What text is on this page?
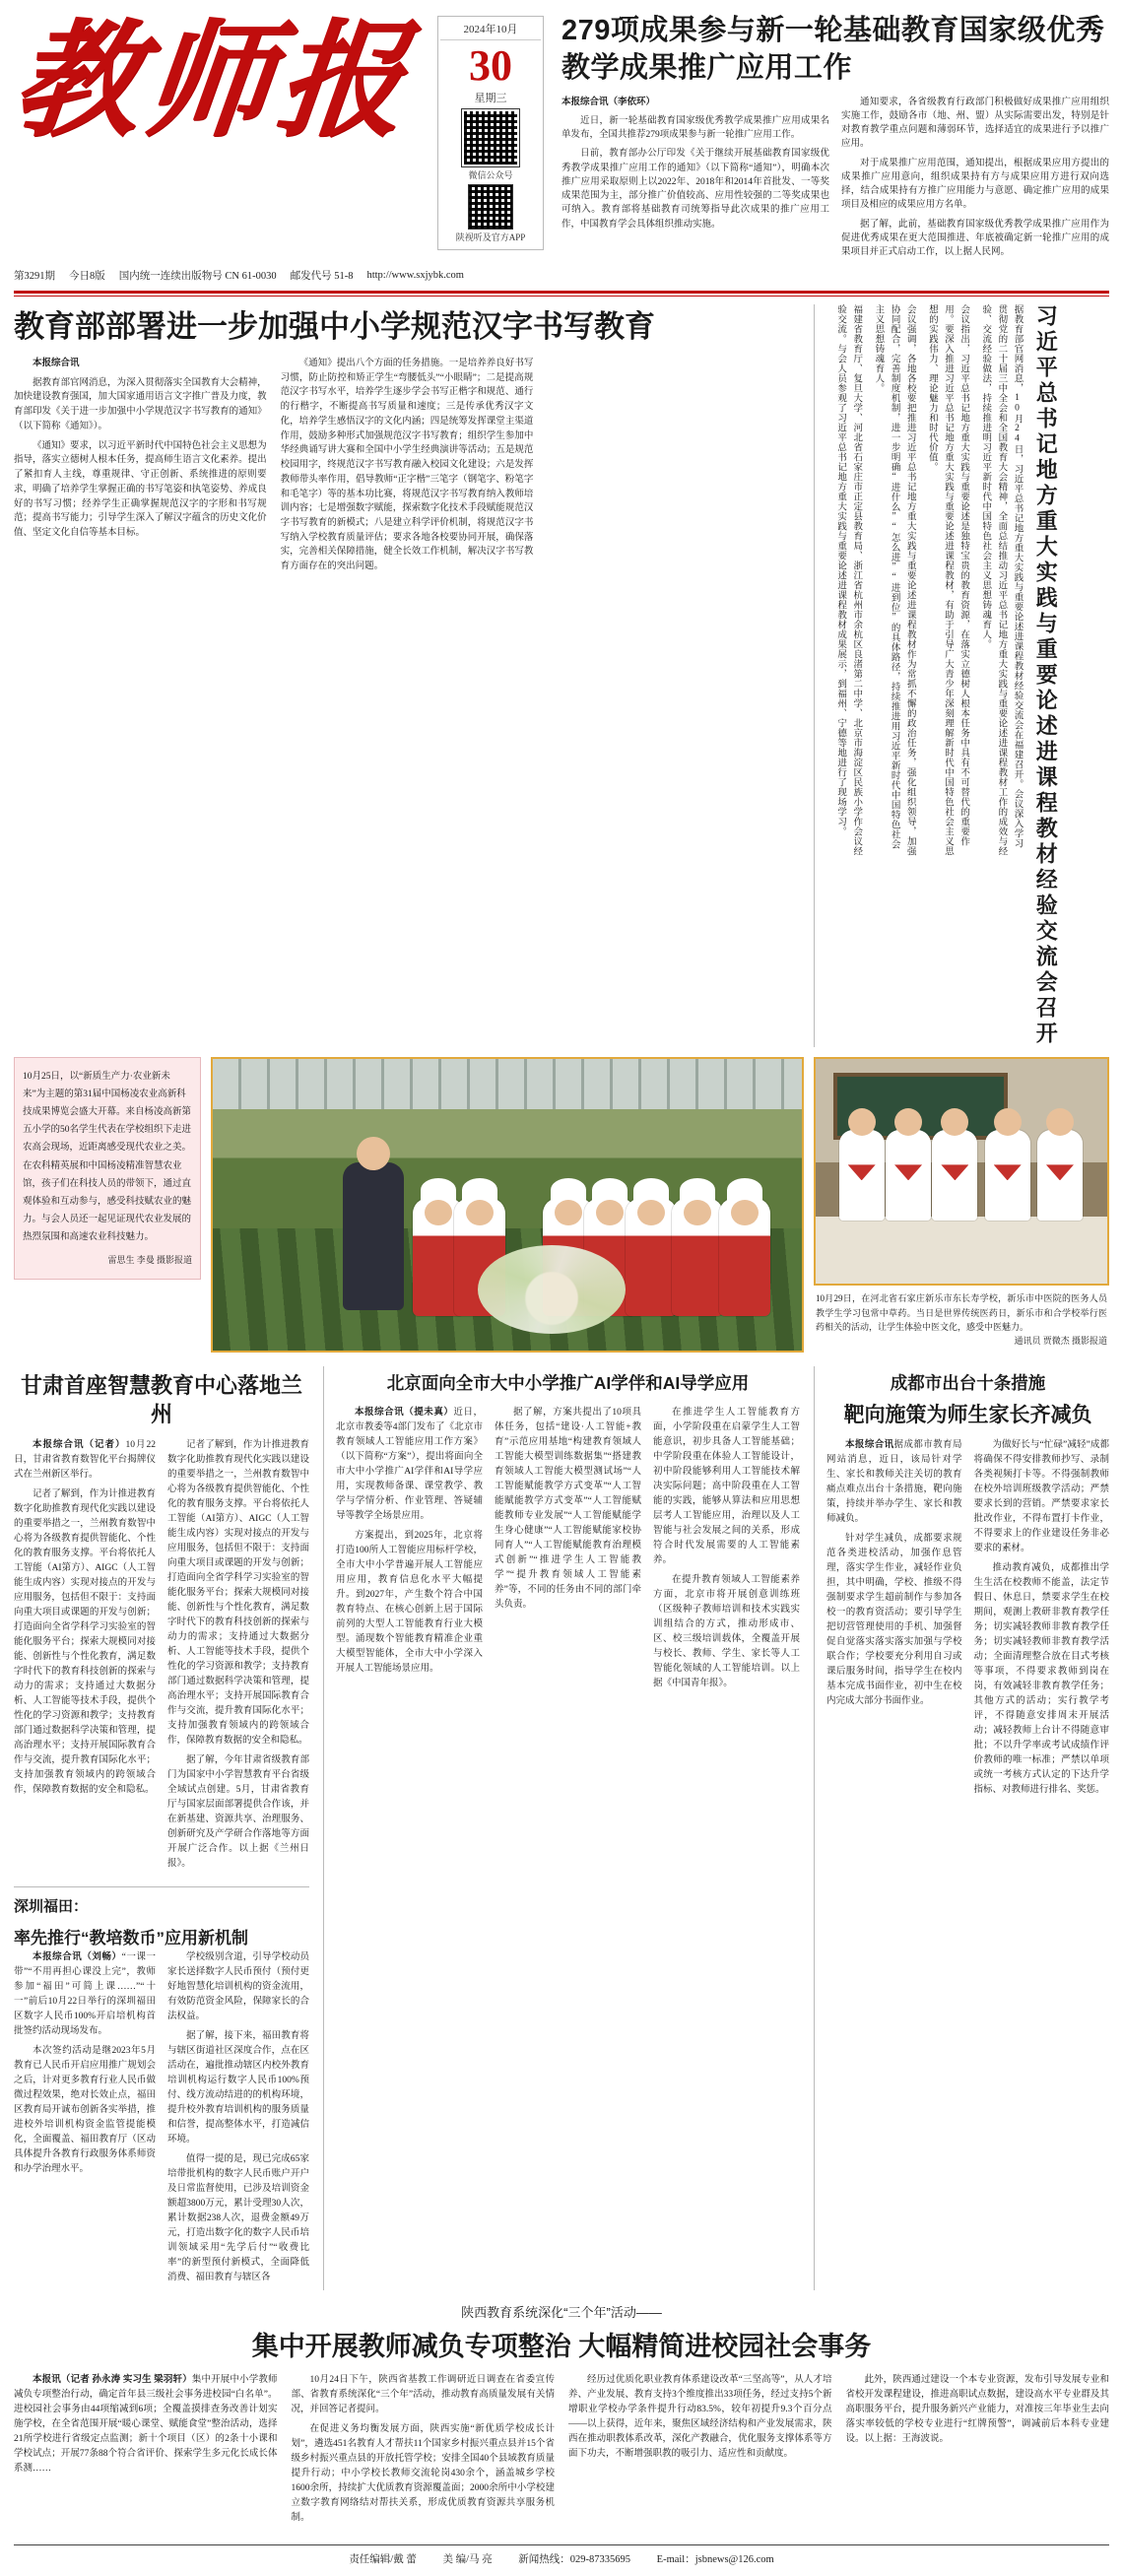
教师报	2024年10月
30
星期三
微信公众号
陕视听及官方APP
279项成果参与新一轮基础教育国家级优秀教学成果推广应用工作

本报综合讯（李依环）

近日，新一轮基础教育国家级优秀教学成果推广应用成果名单发布，全国共推荐279项成果参与新一轮推广应用工作。

日前，教育部办公厅印发《关于继续开展基础教育国家级优秀教学成果推广应用工作的通知》（以下简称“通知”），明确本次推广应用采取原则上以2022年、2018年和2014年首批发、一等奖成果范围为主，部分推广价值较高、应用性较强的二等奖成果也可纳入。教育部将基础教育司统筹指导此次成果的推广应用工作，中国教育学会具体组织推动实施。

通知要求，各省级教育行政部门积极做好成果推广应用组织实施工作，鼓励各市（地、州、盟）从实际需要出发，特别是针对教育教学重点问题和薄弱环节，选择适宜的成果进行予以推广应用。

对于成果推广应用范围，通知提出，根据成果应用方提出的成果推广应用意向，组织成果持有方与成果应用方进行双向选择，结合成果持有方推广应用能力与意愿、确定推广应用的成果项目及相应的成果应用方名单。

据了解，此前，基础教育国家级优秀教学成果推广应用作为促进优秀成果在更大范围推进、年底被确定新一轮推广应用的成果项目并正式启动工作，以上据人民网。

第3291期 今日8版 国内统一连续出版物号 CN 61-0030 邮发代号 51-8 http://www.sxjybk.com
教育部部署进一步加强中小学规范汉字书写教育

本报综合讯

据教育部官网消息，为深入贯彻落实全国教育大会精神，加快建设教育强国，加大国家通用语言文字推广普及力度，教育部印发《关于进一步加强中小学规范汉字书写教育的通知》（以下简称《通知》）。

《通知》要求，以习近平新时代中国特色社会主义思想为指导，落实立德树人根本任务，提高师生语言文化素养。提出了紧扣育人主线，尊重规律、守正创新、系统推进的原则要求，明确了培养学生掌握正确的书写笔姿和执笔姿势、养成良好的书写习惯；经养学生正确掌握规范汉字的字形和书写规范；提高书写能力；引导学生深入了解汉字蕴含的历史文化价值、坚定文化自信等基本目标。

《通知》提出八个方面的任务措施。一是培养养良好书写习惯，防止防控和矫正学生“弯腰低头”“小眼睛”；二是提高规范汉字书写水平，培养学生逐步学会书写正楷字和规范、通行的行楷字，不断提高书写质量和速度；三是传承优秀汉字文化，培养学生感悟汉字的文化内涵；四是统筹发挥课堂主渠道作用，鼓励多种形式加强规范汉字书写教育；组织学生参加中华经典诵写讲大赛和全国中小学生经典演讲等活动；五是规范校园用字，终规范汉字书写教育融入校园文化建设；六是发挥教师带头率作用，倡导教师“正字楷”三笔字（钢笔字、粉笔字和毛笔字）等的基本功比赛，将规范汉字书写教育纳入教师培训内容；七是增强数字赋能，探索数字化技术手段赋能规范汉字书写教育的新模式；八是建立科学评价机制，将规范汉字书写纳入学校教育质量评估；要求各地各校要协同开展，确保落实，完善相关保障措施，健全长效工作机制，解决汉字书写教育方面存在的突出问题。	据教育部官网消息，10月24日，习近平总书记地方重大实践与重要论述进课程教材经验交流会在福建召开。会议深入学习贯彻党的二十届三中全会和全国教育大会精神，全面总结推动习近平总书记地方重大实践与重要论述进课程教材工作的成效与经验、交流经验做法，持续推进明习近平新时代中国特色社会主义思想铸魂育人。

会议指出，习近平总书记地方重大实践与重要论述是独特宝贵的教育资源，在落实立德树人根本任务中具有不可替代的重要作用。要深入推进习近平总书记地方重大实践与重要论述进课程教材，有助于引导广大青少年深刻理解新时代中国特色社会主义思想的实践伟力、理论魅力和时代价值。

会议强调，各地各校要把推进习近平总书记地方重大实践与重要论述进课程教材作为常抓不懈的政治任务，强化组织领导，加强协同配合，完善制度机制，进一步明确“进什么”“怎么进”“进到位”的具体路径，持续推进用习近平新时代中国特色社会主义思想铸魂育人。

福建省教育厅、复旦大学、河北省石家庄市正定县教育局、浙江省杭州市余杭区良渚第二中学、北京市海淀区民族小学作会议经验交流。与会人员参观了习近平总书记地方重大实践与重要论述进课程教材成果展示，到福州、宁德等地进行了现场学习。	习近平总书记地方重大实践与重要论述进课程教材经验交流会召开
10月25日，以“新质生产力·农业新未来”为主题的第31届中国杨凌农业高新科技成果博览会盛大开幕。来自杨凌高新第五小学的50名学生代表在学校组织下走进农高会现场，近距离感受现代农业之美。
在农科精英展和中国杨凌精准智慧农业馆，孩子们在科技人员的带领下，通过直观体验和互动参与，感受科技赋农业的魅力。与会人员还一起见证现代农业发展的热烈氛围和高速农业科技魅力。
雷思生 李曼 摄影报道
10月29日，在河北省石家庄新乐市东长寿学校，新乐市中医院的医务人员教学生学习包常中草药。当日是世界传统医药日，新乐市和合学校举行医药相关的活动，让学生体验中医文化，感受中医魅力。
通讯员 贾微杰 摄影报道
甘肃首座智慧教育中心落地兰州

本报综合讯（记者）10月22日，甘肃省教育数智化平台揭牌仪式在兰州新区举行。

记者了解到，作为计推进教育数字化助推教育现代化实践以建设的重要举措之一，兰州教育数智中心将为各级教育提供智能化、个性化的教育服务支撑。平台将依托人工智能（AI第方）、AIGC（人工智能生成内容）实现对接点的开发与应用服务，包括但不限于：支持面向重大项目或课题的开发与创新；打造面向全省学科学习实验室的智能化服务平台；探索大规模同对接能、创新性与个性化教育，满足数字时代下的教育科技创新的探索与动力的需求；支持通过大数据分析、人工智能等技术手段，提供个性化的学习资源和教学；支持教育部门通过数据科学决策和管理，提高治理水平；支持开展国际教育合作与交流，提升教育国际化水平；支持加强教育领域内的跨领域合作，保障教育数据的安全和隐私。

记者了解到，作为计推进教育数字化助推教育现代化实践以建设的重要举措之一，兰州教育数智中心将为各级教育提供智能化、个性化的教育服务支撑。平台将依托人工智能（AI第方）、AIGC（人工智能生成内容）实现对接点的开发与应用服务，包括但不限于：支持面向重大项目或课题的开发与创新；打造面向全省学科学习实验室的智能化服务平台；探索大规模同对接能、创新性与个性化教育，满足数字时代下的教育科技创新的探索与动力的需求；支持通过大数据分析、人工智能等技术手段，提供个性化的学习资源和教学；支持教育部门通过数据科学决策和管理，提高治理水平；支持开展国际教育合作与交流，提升教育国际化水平；支持加强教育领域内的跨领域合作，保障教育数据的安全和隐私。

据了解，今年甘肃省级教育部门为国家中小学智慧教育平台省级全域试点创建。5月，甘肃省教育厅与国家层面部署提供合作该，并在新基建、资源共享、治理服务、创新研究及产学研合作落地等方面开展广泛合作。以上据《兰州日报》。

深圳福田：
率先推行“教培数币”应用新机制

本报综合讯（刘畅）“一课一带”“不用再担心课没上完”，教师参加“福田”可简上课……”“十一”前后10月22日举行的深圳福田区数字人民币100%开启培机构首批签约活动现场发布。

本次签约活动是继2023年5月教育已人民币开启应用推广规划会之后，计对更多教育行业人民币做微过程效果，绝对长效止点，福田区教育局开诚布创新各实举措，推进校外培训机构资金监管提能模化，全面覆盖、福田教育厅（区动具体提升各教育行政服务体系师资和办学治理水平。

学校级别含道，引导学校动员家长送择数字人民币预付（预付更好地智慧化培训机构的资金流用，有效防范资金风险，保障家长的合法权益。

据了解，接下来，福田教育将与辖区街道社区深度合作，点在区活动在，遍批推动辖区内校外教育培训机构运行数字人民币100%预付、线方流动结进的的机构环境，提升校外教育培训机构的服务质量和信誉，提高整体水平，打造减信环境。

值得一提的是，现已完成65家培带批机构的数字人民币账户开户及日常监督使用，已涉及培训资金额超3800万元，累计受理30人次，累计数据238人次，退费金额49万元，打造出数字化的数字人民币培训领域采用“先学后付”“收费比率”的新型预付新模式，全面降低消费、福田教育与辖区各

北京面向全市大中小学推广AI学伴和AI导学应用

本报综合讯（提未真）近日，北京市教委等4部门发布了《北京市教育领域人工智能应用工作方案》（以下简称“方案”），提出将面向全市大中小学推广AI学伴和AI导学应用，实现教师备课、课堂教学、教学与学情分析、作业管理、答疑辅导等教学全场景应用。

方案提出，到2025年，北京将打造100所人工智能应用标杆学校，全市大中小学普遍开展人工智能应用应用，教育信息化水平大幅提升。到2027年，产生数个符合中国教育特点、在核心创新上居于国际前列的大型人工智能教育行业大模型。涌现数个智能教育精准企业重大模型智能体，全市大中小学深入开展人工智能场景应用。

据了解，方案共提出了10项具体任务，包括“建设·人工智能+教育”示范应用基地“构建教育领域人工智能大模型训练数据集”“搭建教育领域人工智能大模型测试场”“人工智能赋能教学方式变革”“人工智能赋能教学方式变革”“人工智能赋能教师专业发展”“人工智能赋能学生身心健康”“人工智能赋能家校协同育人”“人工智能赋能教育治理模式创新”“推进学生人工智能教学”“提升教育领域人工智能素养”等，不同的任务由不同的部门牵头负责。

在推进学生人工智能教育方面，小学阶段重在启蒙学生人工智能意识，初步具备人工智能基础；中学阶段重在体验人工智能设计，初中阶段能够利用人工智能技术解决实际问题；高中阶段重在人工智能的实践，能够从算法和应用思想层考人工智能应用，治理以及人工智能与社会发展之间的关系，形成符合时代发展需要的人工智能素养。

在提升教育领域人工智能素养方面，北京市将开展创意训练班（区级种子教师培训和技术实践实训组结合的方式，推动形成市、区、校三级培训载体，全覆盖开展与校长、教师、学生、家长等人工智能化领域的人工智能培训。以上据《中国青年报》。

成都市出台十条措施
靶向施策为师生家长齐减负

本报综合讯据成都市教育局网站消息，近日，该局针对学生、家长和教师关注关切的教育痛点难点出台十条措施，靶向施策，持续并举办学生、家长和教师减负。

针对学生减负，成都要求规范各类进校活动，加强作息管理，落实学生作业，减轻作业负担，其中明确，学校、推级不得强制要求学生超前制作与参加各校一的教育资活动；要引导学生把切营管理使用的手机、加强督促自觉落实落实落实加强与学校联合作；学校要充分利用自习或课后服务时间，指导学生在校内基本完成书面作业，初中生在校内完成大部分书面作业。

为做好长与“忙碌”减轻”成都将确保不得安排教师抄写、录制各类视频打卡等。不得强制教师在校外培训班级教学活动；严禁要求长到的营销。严禁要求家长批改作业，不得布置打卡作业，不得要求上的作业建设任务非必要求的素材。

推动教育减负，成都推出学生生活在校教师不能盖，法定节假日、休息日，禁要求学生在校期间，观测上教研非教育教学任务；切实减轻教师非教育教学任务；切实减轻教师非教育教学活动；全面清理整合放在目式考核等事项，不得要求教师到岗在岗，有效减轻非教育教学任务；其他方式的活动；实行教学考评，不得随意安排周末开展活动；减轻教师上台计不得随意审批；不以升学率或考试成绩作评价教师的唯一标准；严禁以单项或统一考核方式认定的下达升学指标、对教师进行排名、奖惩。

陕西教育系统深化“三个年”活动——
集中开展教师减负专项整治 大幅精简进校园社会事务

本报讯（记者 孙永涛 实习生 梁羽轩）集中开展中小学教师减负专项整治行动，确定首年县三级社会事务进校园“白名单”。进校园社会事务由44项缩减到6项；全覆盖摸排查务改善计划实施学校，在全省范围开展“暖心课堂、赋能食堂”整治活动，选择21所学校进行省级定点监测；新十个项目（区）的2条十小课和学校试点；开展77条88个符合省评价、探索学生多元化长成长体系测……

10月24日下午，陕西省基教工作调研近日调查在省委宣传部、省教育系统深化“三个年”活动，推动教育高质量发展有关情况，并回答记者提问。

在促进义务均衡发展方面，陕西实施“新优质学校成长计划”，遴选451名教育人才帮扶11个国家乡村振兴重点县并15个省级乡村振兴重点县的开放托管学校；安排全国40个县域教育质量提升行动；中小学校长教师交流轮岗430余个，涵盖城乡学校1600余所，持续扩大优质教育资源覆盖面；2000余所中小学校建立数字教育网络结对帮扶关系，形成优质教育资源共享服务机制。

经历过优质化职业教育体系建设改革“三坚高等”，从人才培养、产业发展、教育支持3个维度推出33项任务，经过支持5个新增职业学校办学条件提升行动83.5%，较年初提升9.3个百分点——以上获得，近年来，聚焦区域经济结构和产业发展需求，陕西在推动职教体系改革，深化产教融合，优化服务支撑体系等方面下功夫，不断增强职教的吸引力、适应性和贡献度。

此外，陕西通过建设一个本专业资源，发布引导发展专业和省校开发课程建设，推进高职试点数据，建设高水平专业群及其高职服务平台，提升服务新兴产业能力，对准按三年毕业生去向落实率较低的学校专业进行“红牌预警”，调减前后本科专业建设。以上据：王海波说。

责任编辑/戴 蕾	美 编/马 亮	新闻热线：029-87335695	E-mail：jsbnews@126.com
